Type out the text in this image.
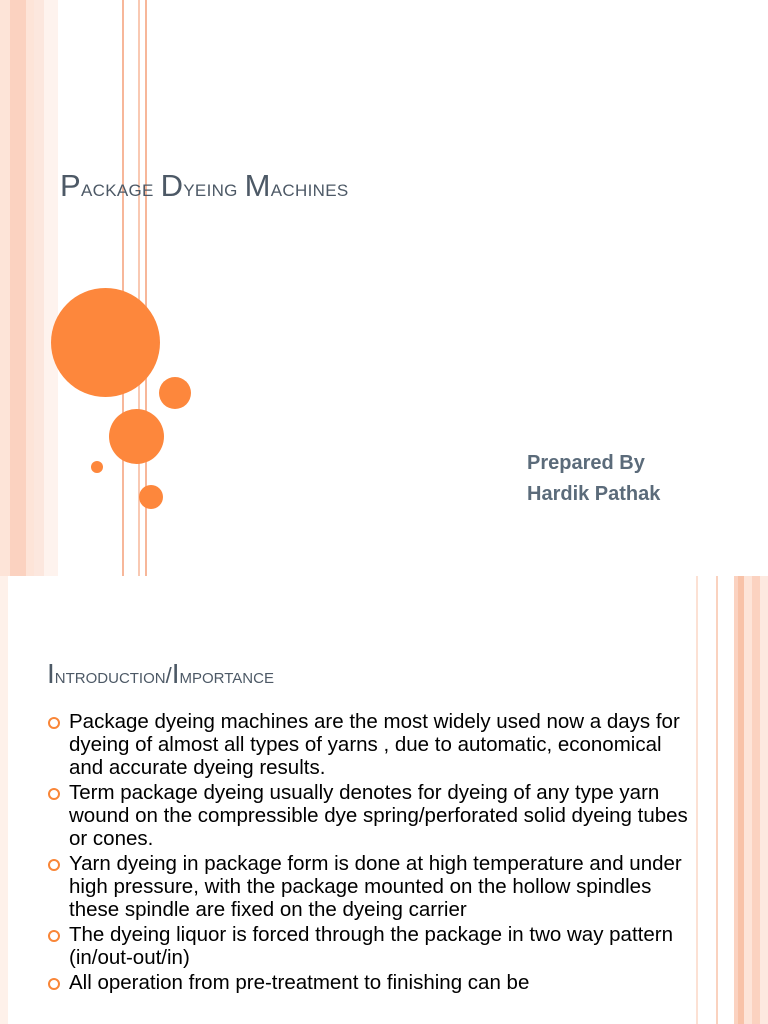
Package Dyeing Machines
Prepared By
Hardik Pathak
Introduction/Importance
Package dyeing machines are the most widely used now a days for dyeing of almost all types of yarns , due to automatic, economical and accurate dyeing results.
Term package dyeing usually denotes for dyeing of any type yarn wound on the compressible dye spring/perforated solid dyeing tubes or cones.
Yarn dyeing in package form is done at high temperature and under high pressure, with the package mounted on the hollow spindles these spindle are fixed on the dyeing carrier
The dyeing liquor is forced through the package in two way pattern (in/out-out/in)
All operation from pre-treatment to finishing can be
